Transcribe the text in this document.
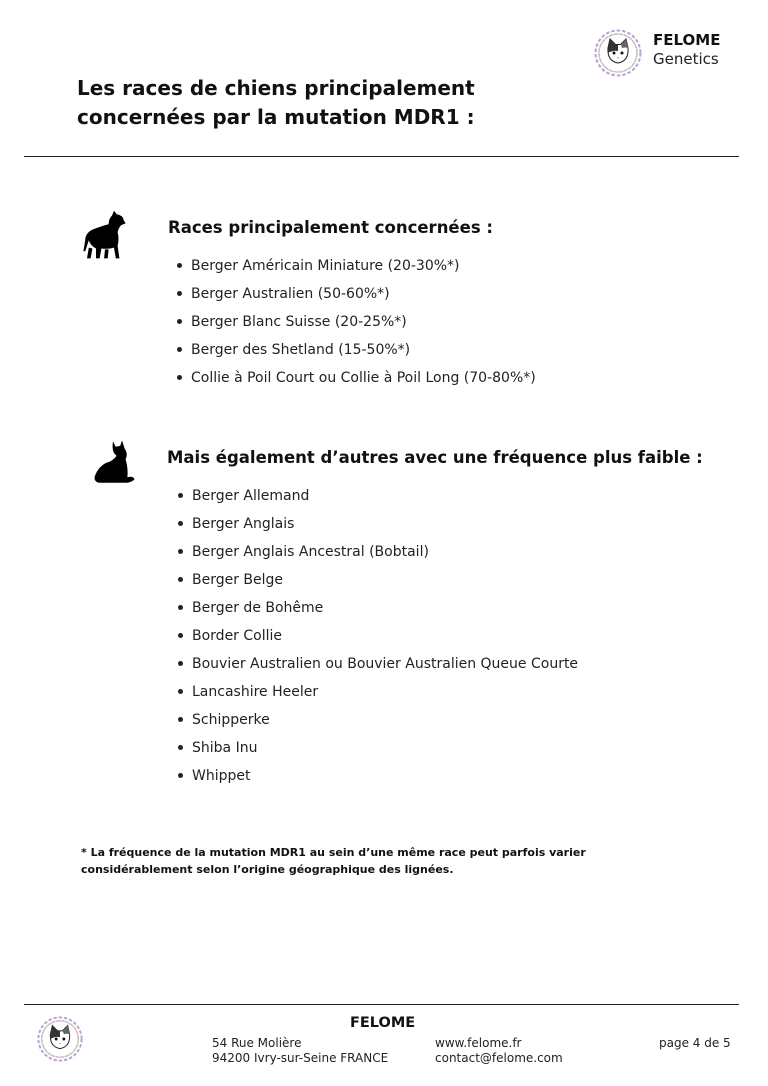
FELOME
Genetics
Les races de chiens principalement
concernées par la mutation MDR1 :
Races principalement concernées :
Berger Américain Miniature (20-30%*)
Berger Australien (50-60%*)
Berger Blanc Suisse (20-25%*)
Berger des Shetland (15-50%*)
Collie à Poil Court ou Collie à Poil Long (70-80%*)
Mais également d’autres avec une fréquence plus faible :
Berger Allemand
Berger Anglais
Berger Anglais Ancestral (Bobtail)
Berger Belge
Berger de Bohême
Border Collie
Bouvier Australien ou Bouvier Australien Queue Courte
Lancashire Heeler
Schipperke
Shiba Inu
Whippet

* La fréquence de la mutation MDR1 au sein d’une même race peut parfois varier
considérablement selon l’origine géographique des lignées.

FELOME
54 Rue Molière
94200 Ivry-sur-Seine FRANCE
www.felome.fr
contact@felome.com
page 4 de 5
